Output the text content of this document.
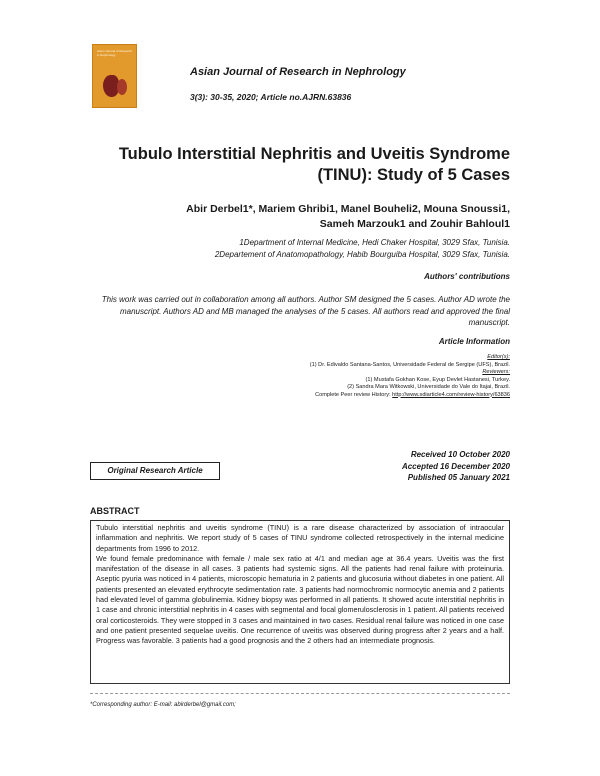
Asian Journal of Research in Nephrology
Asian Journal of Research in Nephrology
3(3): 30-35, 2020; Article no.AJRN.63836
Tubulo Interstitial Nephritis and Uveitis Syndrome (TINU): Study of 5 Cases
Abir Derbel1*, Mariem Ghribi1, Manel Bouheli2, Mouna Snoussi1,
Sameh Marzouk1 and Zouhir Bahloul1
1Department of Internal Medicine, Hedi Chaker Hospital, 3029 Sfax, Tunisia.
2Departement of Anatomopathology, Habib Bourguiba Hospital, 3029 Sfax, Tunisia.
Authors' contributions
This work was carried out in collaboration among all authors. Author SM designed the 5 cases. Author AD wrote the manuscript. Authors AD and MB managed the analyses of the 5 cases. All authors read and approved the final manuscript.
Article Information
Editor(s):
(1) Dr. Edivaldo Santana-Santos, Universidade Federal de Sergipe (UFS), Brazil.
Reviewers:
(1) Mustafa Gokhan Kose, Eyup Devlet Hastanesi, Turkey.
(2) Sandra Mara Witkowski, Universidade do Vale do Itajai, Brazil.
Complete Peer review History: http://www.sdiarticle4.com/review-history/63836
Original Research Article
Received 10 October 2020
Accepted 16 December 2020
Published 05 January 2021
ABSTRACT

Tubulo interstitial nephritis and uveitis syndrome (TINU) is a rare disease characterized by association of intraocular inflammation and nephritis. We report study of 5 cases of TINU syndrome collected retrospectively in the internal medicine departments from 1996 to 2012.

We found female predominance with female / male sex ratio at 4/1 and median age at 36.4 years. Uveitis was the first manifestation of the disease in all cases. 3 patients had systemic signs. All the patients had renal failure with proteinuria. Aseptic pyuria was noticed in 4 patients, microscopic hematuria in 2 patients and glucosuria without diabetes in one patient. All patients presented an elevated erythrocyte sedimentation rate. 3 patients had normochromic normocytic anemia and 2 patients had elevated level of gamma globulinemia. Kidney biopsy was performed in all patients. It showed acute interstitial nephritis in 1 case and chronic interstitial nephritis in 4 cases with segmental and focal glomerulosclerosis in 1 patient. All patients received oral corticosteroids. They were stopped in 3 cases and maintained in two cases. Residual renal failure was noticed in one case and one patient presented sequelae uveitis. One recurrence of uveitis was observed during progress after 2 years and a half. Progress was favorable. 3 patients had a good prognosis and the 2 others had an intermediate prognosis.

*Corresponding author: E-mail: abirderbel@gmail.com;
